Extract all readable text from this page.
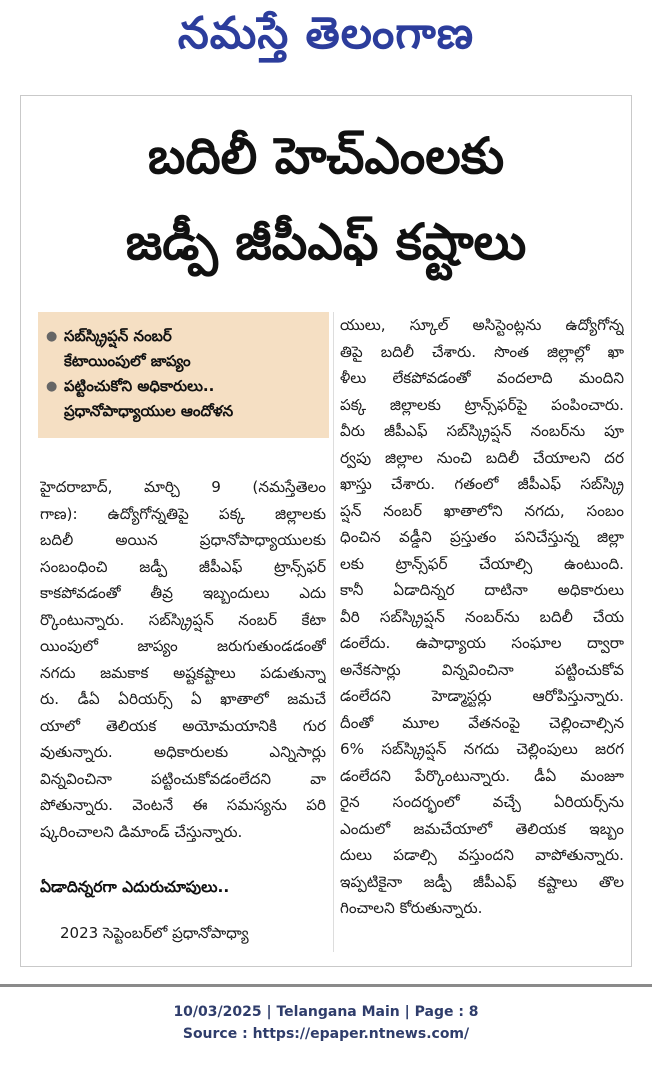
నమస్తే తెలంగాణ
బదిలీ హెచ్‌ఎంలకు
జడ్పీ జీపీఎఫ్ కష్టాలు
● సబ్‌స్క్రిప్షన్ నంబర్
కేటాయింపులో జాప్యం
● పట్టించుకోని అధికారులు..
ప్రధానోపాధ్యాయుల ఆందోళన
హైదరాబాద్, మార్చి 9 (నమస్తేతెలం
గాణ): ఉద్యోగోన్నతిపై పక్క జిల్లాలకు
బదిలీ అయిన ప్రధానోపాధ్యాయులకు
సంబంధించి జడ్పీ జీపీఎఫ్ ట్రాన్స్‌ఫర్
కాకపోవడంతో తీవ్ర ఇబ్బందులు ఎదు
ర్కొంటున్నారు. సబ్‌స్క్రిప్షన్ నంబర్ కేటా
యింపులో జాప్యం జరుగుతుండడంతో
నగదు జమకాక అష్టకష్టాలు పడుతున్నా
రు. డీఏ ఏరియర్స్ ఏ ఖాతాలో జమచే
యాలో తెలియక అయోమయానికి గుర
వుతున్నారు. అధికారులకు ఎన్నిసార్లు
విన్నవించినా పట్టించుకోవడంలేదని వా
పోతున్నారు. వెంటనే ఈ సమస్యను పరి
ష్కరించాలని డిమాండ్ చేస్తున్నారు.
ఏడాదిన్నరగా ఎదురుచూపులు..
2023 సెప్టెంబర్‌లో ప్రధానోపాధ్యా
యులు, స్కూల్ అసిస్టెంట్లను ఉద్యోగోన్న
తిపై బదిలీ చేశారు. సొంత జిల్లాల్లో ఖా
ళీలు లేకపోవడంతో వందలాది మందిని
పక్క జిల్లాలకు ట్రాన్స్‌ఫర్‌పై పంపించారు.
వీరు జీపీఎఫ్ సబ్‌స్క్రిప్షన్ నంబర్‌ను పూ
ర్వపు జిల్లాల నుంచి బదిలీ చేయాలని దర
ఖాస్తు చేశారు. గతంలో జీపీఎఫ్ సబ్‌స్క్రి
ప్షన్ నంబర్ ఖాతాలోని నగదు, సంబం
ధించిన వడ్డీని ప్రస్తుతం పనిచేస్తున్న జిల్లా
లకు ట్రాన్స్‌ఫర్ చేయాల్సి ఉంటుంది.
కానీ ఏడాదిన్నర దాటినా అధికారులు
వీరి సబ్‌స్క్రిప్షన్ నంబర్‌ను బదిలీ చేయ
డంలేదు. ఉపాధ్యాయ సంఘాల ద్వారా
అనేకసార్లు విన్నవించినా పట్టించుకోవ
డంలేదని హెడ్మాస్టర్లు ఆరోపిస్తున్నారు.
దీంతో మూల వేతనంపై చెల్లించాల్సిన
6% సబ్‌స్క్రిప్షన్ నగదు చెల్లింపులు జరగ
డంలేదని పేర్కొంటున్నారు. డీఏ మంజూ
రైన సందర్భంలో వచ్చే ఏరియర్స్‌ను
ఎందులో జమచేయాలో తెలియక ఇబ్బం
దులు పడాల్సి వస్తుందని వాపోతున్నారు.
ఇప్పటికైనా జడ్పీ జీపీఎఫ్ కష్టాలు తొల
గించాలని కోరుతున్నారు.
10/03/2025 | Telangana Main | Page : 8
Source : https://epaper.ntnews.com/
